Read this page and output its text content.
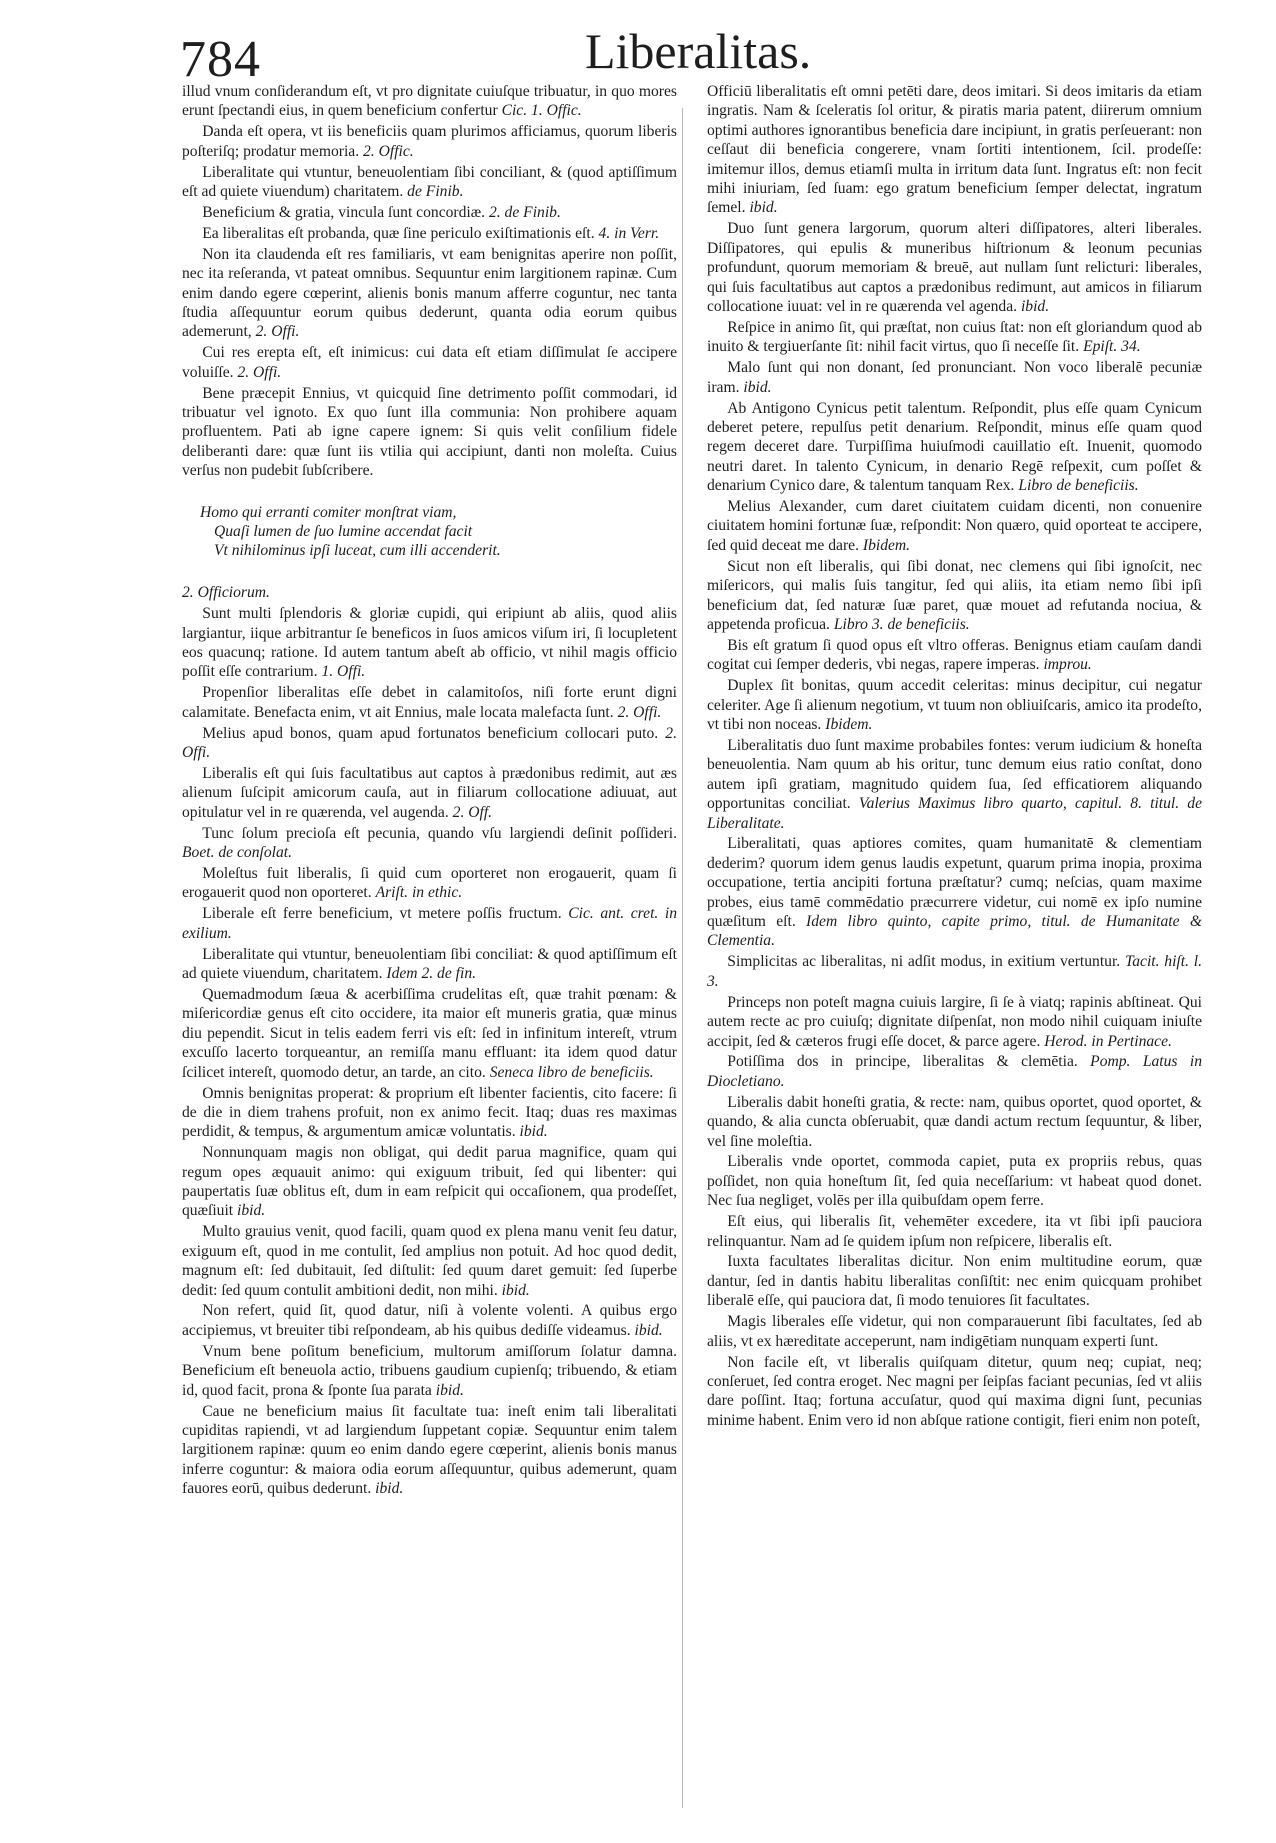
784	Liberalitas.

illud vnum conſiderandum eſt, vt pro dignitate cuiuſque tribuatur, in quo mores erunt ſpectandi eius, in quem beneficium confertur Cic. 1. Offic.

Danda eſt opera, vt iis beneficiis quam plurimos afficiamus, quorum liberis poſteriſq; prodatur memoria. 2. Offic.

Liberalitate qui vtuntur, beneuolentiam ſibi conciliant, & (quod aptiſſimum eſt ad quiete viuendum) charitatem. de Finib.

Beneficium & gratia, vincula ſunt concordiæ. 2. de Finib.

Ea liberalitas eſt probanda, quæ ſine periculo exiſtimationis eſt. 4. in Verr.

Non ita claudenda eſt res familiaris, vt eam benignitas aperire non poſſit, nec ita reſeranda, vt pateat omnibus. Sequuntur enim largitionem rapinæ. Cum enim dando egere cœperint, alienis bonis manum afferre coguntur, nec tanta ſtudia aſſequuntur eorum quibus dederunt, quanta odia eorum quibus ademerunt, 2. Offi.

Cui res erepta eſt, eſt inimicus: cui data eſt etiam diſſimulat ſe accipere voluiſſe. 2. Offi.

Bene præcepit Ennius, vt quicquid ſine detrimento poſſit commodari, id tribuatur vel ignoto. Ex quo ſunt illa communia: Non prohibere aquam profluentem. Pati ab igne capere ignem: Si quis velit conſilium fidele deliberanti dare: quæ ſunt iis vtilia qui accipiunt, danti non moleſta. Cuius verſus non pudebit ſubſcribere.

Homo qui erranti comiter monſtrat viam,
Quaſi lumen de ſuo lumine accendat facit
Vt nihilominus ipſi luceat, cum illi accenderit.
2. Officiorum.

Sunt multi ſplendoris & gloriæ cupidi, qui eripiunt ab aliis, quod aliis largiantur, iique arbitrantur ſe beneficos in ſuos amicos viſum iri, ſi locupletent eos quacunq; ratione. Id autem tantum abeſt ab officio, vt nihil magis officio poſſit eſſe contrarium. 1. Offi.

Propenſior liberalitas eſſe debet in calamitoſos, niſi forte erunt digni calamitate. Benefacta enim, vt ait Ennius, male locata malefacta ſunt. 2. Offi.

Melius apud bonos, quam apud fortunatos beneficium collocari puto. 2. Offi.

Liberalis eſt qui ſuis facultatibus aut captos à prædonibus redimit, aut æs alienum ſuſcipit amicorum cauſa, aut in filiarum collocatione adiuuat, aut opitulatur vel in re quærenda, vel augenda. 2. Off.

Tunc ſolum precioſa eſt pecunia, quando vſu largiendi deſinit poſſideri. Boet. de conſolat.

Moleſtus fuit liberalis, ſi quid cum oporteret non erogauerit, quam ſi erogauerit quod non oporteret. Ariſt. in ethic.

Liberale eſt ferre beneficium, vt metere poſſis fructum. Cic. ant. cret. in exilium.

Liberalitate qui vtuntur, beneuolentiam ſibi conciliat: & quod aptiſſimum eſt ad quiete viuendum, charitatem. Idem 2. de fin.

Quemadmodum ſæua & acerbiſſima crudelitas eſt, quæ trahit pœnam: & miſericordiæ genus eſt cito occidere, ita maior eſt muneris gratia, quæ minus diu pependit. Sicut in telis eadem ferri vis eſt: ſed in infinitum intereſt, vtrum excuſſo lacerto torqueantur, an remiſſa manu effluant: ita idem quod datur ſcilicet intereſt, quomodo detur, an tarde, an cito. Seneca libro de beneficiis.

Omnis benignitas properat: & proprium eſt libenter facientis, cito facere: ſi de die in diem trahens profuit, non ex animo fecit. Itaq; duas res maximas perdidit, & tempus, & argumentum amicæ voluntatis. ibid.

Nonnunquam magis non obligat, qui dedit parua magnifice, quam qui regum opes æquauit animo: qui exiguum tribuit, ſed qui libenter: qui paupertatis ſuæ oblitus eſt, dum in eam reſpicit qui occaſionem, qua prodeſſet, quæſiuit ibid.

Multo grauius venit, quod facili, quam quod ex plena manu venit ſeu datur, exiguum eſt, quod in me contulit, ſed amplius non potuit. Ad hoc quod dedit, magnum eſt: ſed dubitauit, ſed diſtulit: ſed quum daret gemuit: ſed ſuperbe dedit: ſed quum contulit ambitioni dedit, non mihi. ibid.

Non refert, quid ſit, quod datur, niſi à volente volenti. A quibus ergo accipiemus, vt breuiter tibi reſpondeam, ab his quibus dediſſe videamus. ibid.

Vnum bene poſitum beneficium, multorum amiſſorum ſolatur damna. Beneficium eſt beneuola actio, tribuens gaudium cupienſq; tribuendo, & etiam id, quod facit, prona & ſponte ſua parata ibid.

Caue ne beneficium maius ſit facultate tua: ineſt enim tali liberalitati cupiditas rapiendi, vt ad largiendum ſuppetant copiæ. Sequuntur enim talem largitionem rapinæ: quum eo enim dando egere cœperint, alienis bonis manus inferre coguntur: & maiora odia eorum aſſequuntur, quibus ademerunt, quam fauores eorū, quibus dederunt. ibid.

Officiū liberalitatis eſt omni petēti dare, deos imitari. Si deos imitaris da etiam ingratis. Nam & ſceleratis ſol oritur, & piratis maria patent, diirerum omnium optimi authores ignorantibus beneficia dare incipiunt, in gratis perſeuerant: non ceſſaut dii beneficia congerere, vnam ſortiti intentionem, ſcil. prodeſſe: imitemur illos, demus etiamſi multa in irritum data ſunt. Ingratus eſt: non fecit mihi iniuriam, ſed ſuam: ego gratum beneficium ſemper delectat, ingratum ſemel. ibid.

Duo ſunt genera largorum, quorum alteri diſſipatores, alteri liberales. Diſſipatores, qui epulis & muneribus hiſtrionum & leonum pecunias profundunt, quorum memoriam & breuē, aut nullam ſunt relicturi: liberales, qui ſuis facultatibus aut captos a prædonibus redimunt, aut amicos in filiarum collocatione iuuat: vel in re quærenda vel agenda. ibid.

Reſpice in animo ſit, qui præſtat, non cuius ſtat: non eſt gloriandum quod ab inuito & tergiuerſante ſit: nihil facit virtus, quo ſi neceſſe ſit. Epiſt. 34.

Malo ſunt qui non donant, ſed pronunciant. Non voco liberalē pecuniæ iram. ibid.

Ab Antigono Cynicus petit talentum. Reſpondit, plus eſſe quam Cynicum deberet petere, repulſus petit denarium. Reſpondit, minus eſſe quam quod regem deceret dare. Turpiſſima huiuſmodi cauillatio eſt. Inuenit, quomodo neutri daret. In talento Cynicum, in denario Regē reſpexit, cum poſſet & denarium Cynico dare, & talentum tanquam Rex. Libro de beneficiis.

Melius Alexander, cum daret ciuitatem cuidam dicenti, non conuenire ciuitatem homini fortunæ ſuæ, reſpondit: Non quæro, quid oporteat te accipere, ſed quid deceat me dare. Ibidem.

Sicut non eſt liberalis, qui ſibi donat, nec clemens qui ſibi ignoſcit, nec miſericors, qui malis ſuis tangitur, ſed qui aliis, ita etiam nemo ſibi ipſi beneficium dat, ſed naturæ ſuæ paret, quæ mouet ad refutanda nociua, & appetenda proficua. Libro 3. de beneficiis.

Bis eſt gratum ſi quod opus eſt vltro offeras. Benignus etiam cauſam dandi cogitat cui ſemper dederis, vbi negas, rapere imperas. improu.

Duplex ſit bonitas, quum accedit celeritas: minus decipitur, cui negatur celeriter. Age ſi alienum negotium, vt tuum non obliuiſcaris, amico ita prodeſto, vt tibi non noceas. Ibidem.

Liberalitatis duo ſunt maxime probabiles fontes: verum iudicium & honeſta beneuolentia. Nam quum ab his oritur, tunc demum eius ratio conſtat, dono autem ipſi gratiam, magnitudo quidem ſua, ſed efficatiorem aliquando opportunitas conciliat. Valerius Maximus libro quarto, capitul. 8. titul. de Liberalitate.

Liberalitati, quas aptiores comites, quam humanitatē & clementiam dederim? quorum idem genus laudis expetunt, quarum prima inopia, proxima occupatione, tertia ancipiti fortuna præſtatur? cumq; neſcias, quam maxime probes, eius tamē commēdatio præcurrere videtur, cui nomē ex ipſo numine quæſitum eſt. Idem libro quinto, capite primo, titul. de Humanitate & Clementia.

Simplicitas ac liberalitas, ni adſit modus, in exitium vertuntur. Tacit. hiſt. l. 3.

Princeps non poteſt magna cuiuis largire, ſi ſe à viatq; rapinis abſtineat. Qui autem recte ac pro cuiuſq; dignitate diſpenſat, non modo nihil cuiquam iniuſte accipit, ſed & cæteros frugi eſſe docet, & parce agere. Herod. in Pertinace.

Potiſſima dos in principe, liberalitas & clemētia. Pomp. Latus in Diocletiano.

Liberalis dabit honeſti gratia, & recte: nam, quibus oportet, quod oportet, & quando, & alia cuncta obſeruabit, quæ dandi actum rectum ſequuntur, & liber, vel ſine moleſtia.

Liberalis vnde oportet, commoda capiet, puta ex propriis rebus, quas poſſidet, non quia honeſtum ſit, ſed quia neceſſarium: vt habeat quod donet. Nec ſua negliget, volēs per illa quibuſdam opem ferre.

Eſt eius, qui liberalis ſit, vehemēter excedere, ita vt ſibi ipſi pauciora relinquantur. Nam ad ſe quidem ipſum non reſpicere, liberalis eſt.

Iuxta facultates liberalitas dicitur. Non enim multitudine eorum, quæ dantur, ſed in dantis habitu liberalitas conſiſtit: nec enim quicquam prohibet liberalē eſſe, qui pauciora dat, ſi modo tenuiores ſit facultates.

Magis liberales eſſe videtur, qui non comparauerunt ſibi facultates, ſed ab aliis, vt ex hæreditate acceperunt, nam indigētiam nunquam experti ſunt.

Non facile eſt, vt liberalis quiſquam ditetur, quum neq; cupiat, neq; conſeruet, ſed contra eroget. Nec magni per ſeipſas faciant pecunias, ſed vt aliis dare poſſint. Itaq; fortuna accuſatur, quod qui maxima digni ſunt, pecunias minime habent. Enim vero id non abſque ratione contigit, fieri enim non poteſt,
